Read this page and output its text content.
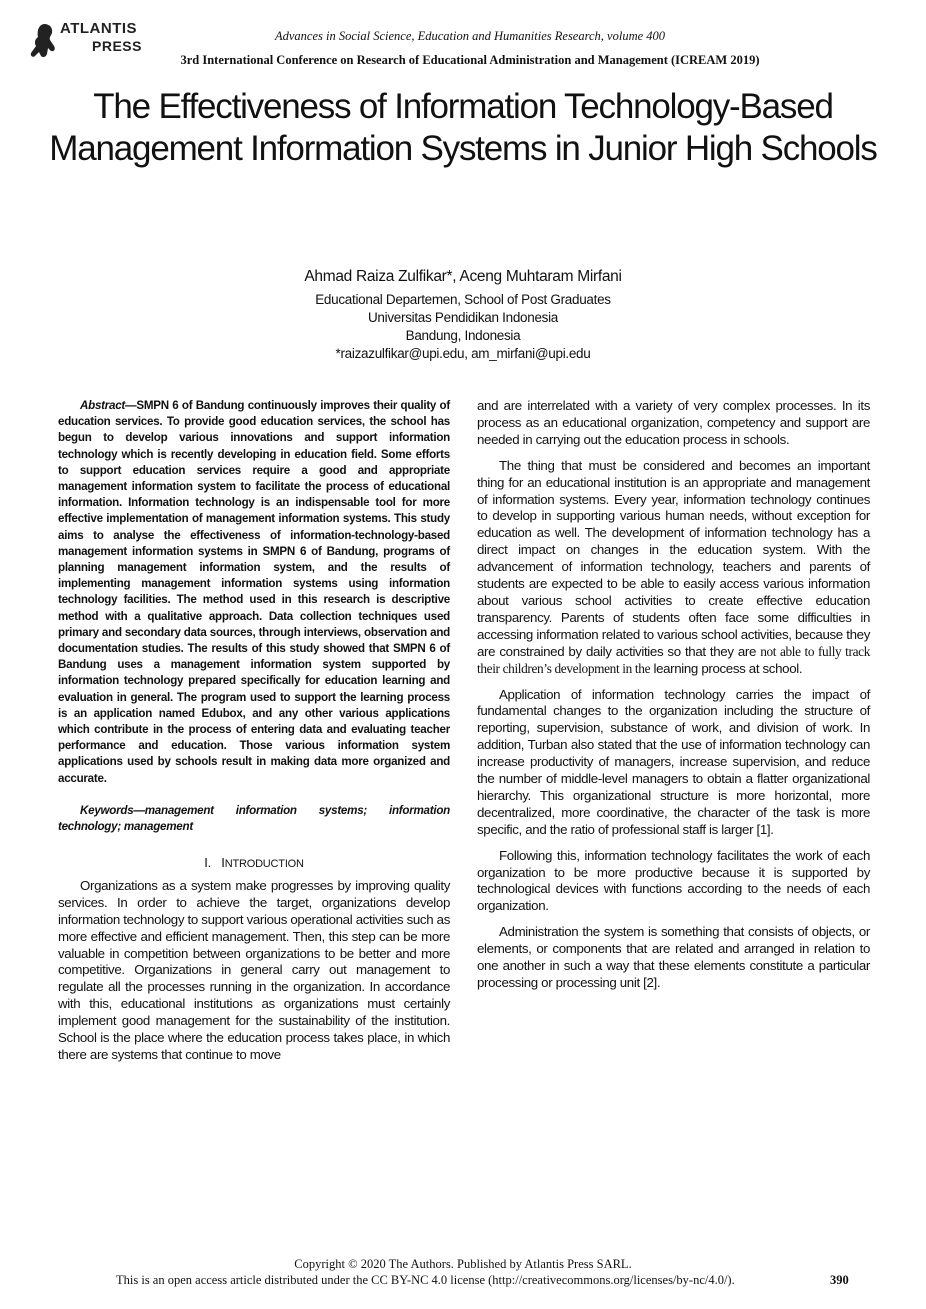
ATLANTIS
PRESS
Advances in Social Science, Education and Humanities Research, volume 400
3rd International Conference on Research of Educational Administration and Management (ICREAM 2019)
The Effectiveness of Information Technology-Based Management Information Systems in Junior High Schools
Ahmad Raiza Zulfikar*, Aceng Muhtaram Mirfani
Educational Departemen, School of Post Graduates
Universitas Pendidikan Indonesia
Bandung, Indonesia
*raizazulfikar@upi.edu, am_mirfani@upi.edu

Abstract—SMPN 6 of Bandung continuously improves their quality of education services. To provide good education services, the school has begun to develop various innovations and support information technology which is recently developing in education field. Some efforts to support education services require a good and appropriate management information system to facilitate the process of educational information. Information technology is an indispensable tool for more effective implementation of management information systems. This study aims to analyse the effectiveness of information-technology-based management information systems in SMPN 6 of Bandung, programs of planning management information system, and the results of implementing management information systems using information technology facilities. The method used in this research is descriptive method with a qualitative approach. Data collection techniques used primary and secondary data sources, through interviews, observation and documentation studies. The results of this study showed that SMPN 6 of Bandung uses a management information system supported by information technology prepared specifically for education learning and evaluation in general. The program used to support the learning process is an application named Edubox, and any other various applications which contribute in the process of entering data and evaluating teacher performance and education. Those various information system applications used by schools result in making data more organized and accurate.

Keywords—management information systems; information technology; management

I. INTRODUCTION

Organizations as a system make progresses by improving quality services. In order to achieve the target, organizations develop information technology to support various operational activities such as more effective and efficient management. Then, this step can be more valuable in competition between organizations to be better and more competitive. Organizations in general carry out management to regulate all the processes running in the organization. In accordance with this, educational institutions as organizations must certainly implement good management for the sustainability of the institution. School is the place where the education process takes place, in which there are systems that continue to move

and are interrelated with a variety of very complex processes. In its process as an educational organization, competency and support are needed in carrying out the education process in schools.

The thing that must be considered and becomes an important thing for an educational institution is an appropriate and management of information systems. Every year, information technology continues to develop in supporting various human needs, without exception for education as well. The development of information technology has a direct impact on changes in the education system. With the advancement of information technology, teachers and parents of students are expected to be able to easily access various information about various school activities to create effective education transparency. Parents of students often face some difficulties in accessing information related to various school activities, because they are constrained by daily activities so that they are not able to fully track their children’s development in the learning process at school.

Application of information technology carries the impact of fundamental changes to the organization including the structure of reporting, supervision, substance of work, and division of work. In addition, Turban also stated that the use of information technology can increase productivity of managers, increase supervision, and reduce the number of middle-level managers to obtain a flatter organizational hierarchy. This organizational structure is more horizontal, more decentralized, more coordinative, the character of the task is more specific, and the ratio of professional staff is larger [1].

Following this, information technology facilitates the work of each organization to be more productive because it is supported by technological devices with functions according to the needs of each organization.

Administration the system is something that consists of objects, or elements, or components that are related and arranged in relation to one another in such a way that these elements constitute a particular processing or processing unit [2].

Copyright © 2020 The Authors. Published by Atlantis Press SARL.
This is an open access article distributed under the CC BY-NC 4.0 license (http://creativecommons.org/licenses/by-nc/4.0/).	390
